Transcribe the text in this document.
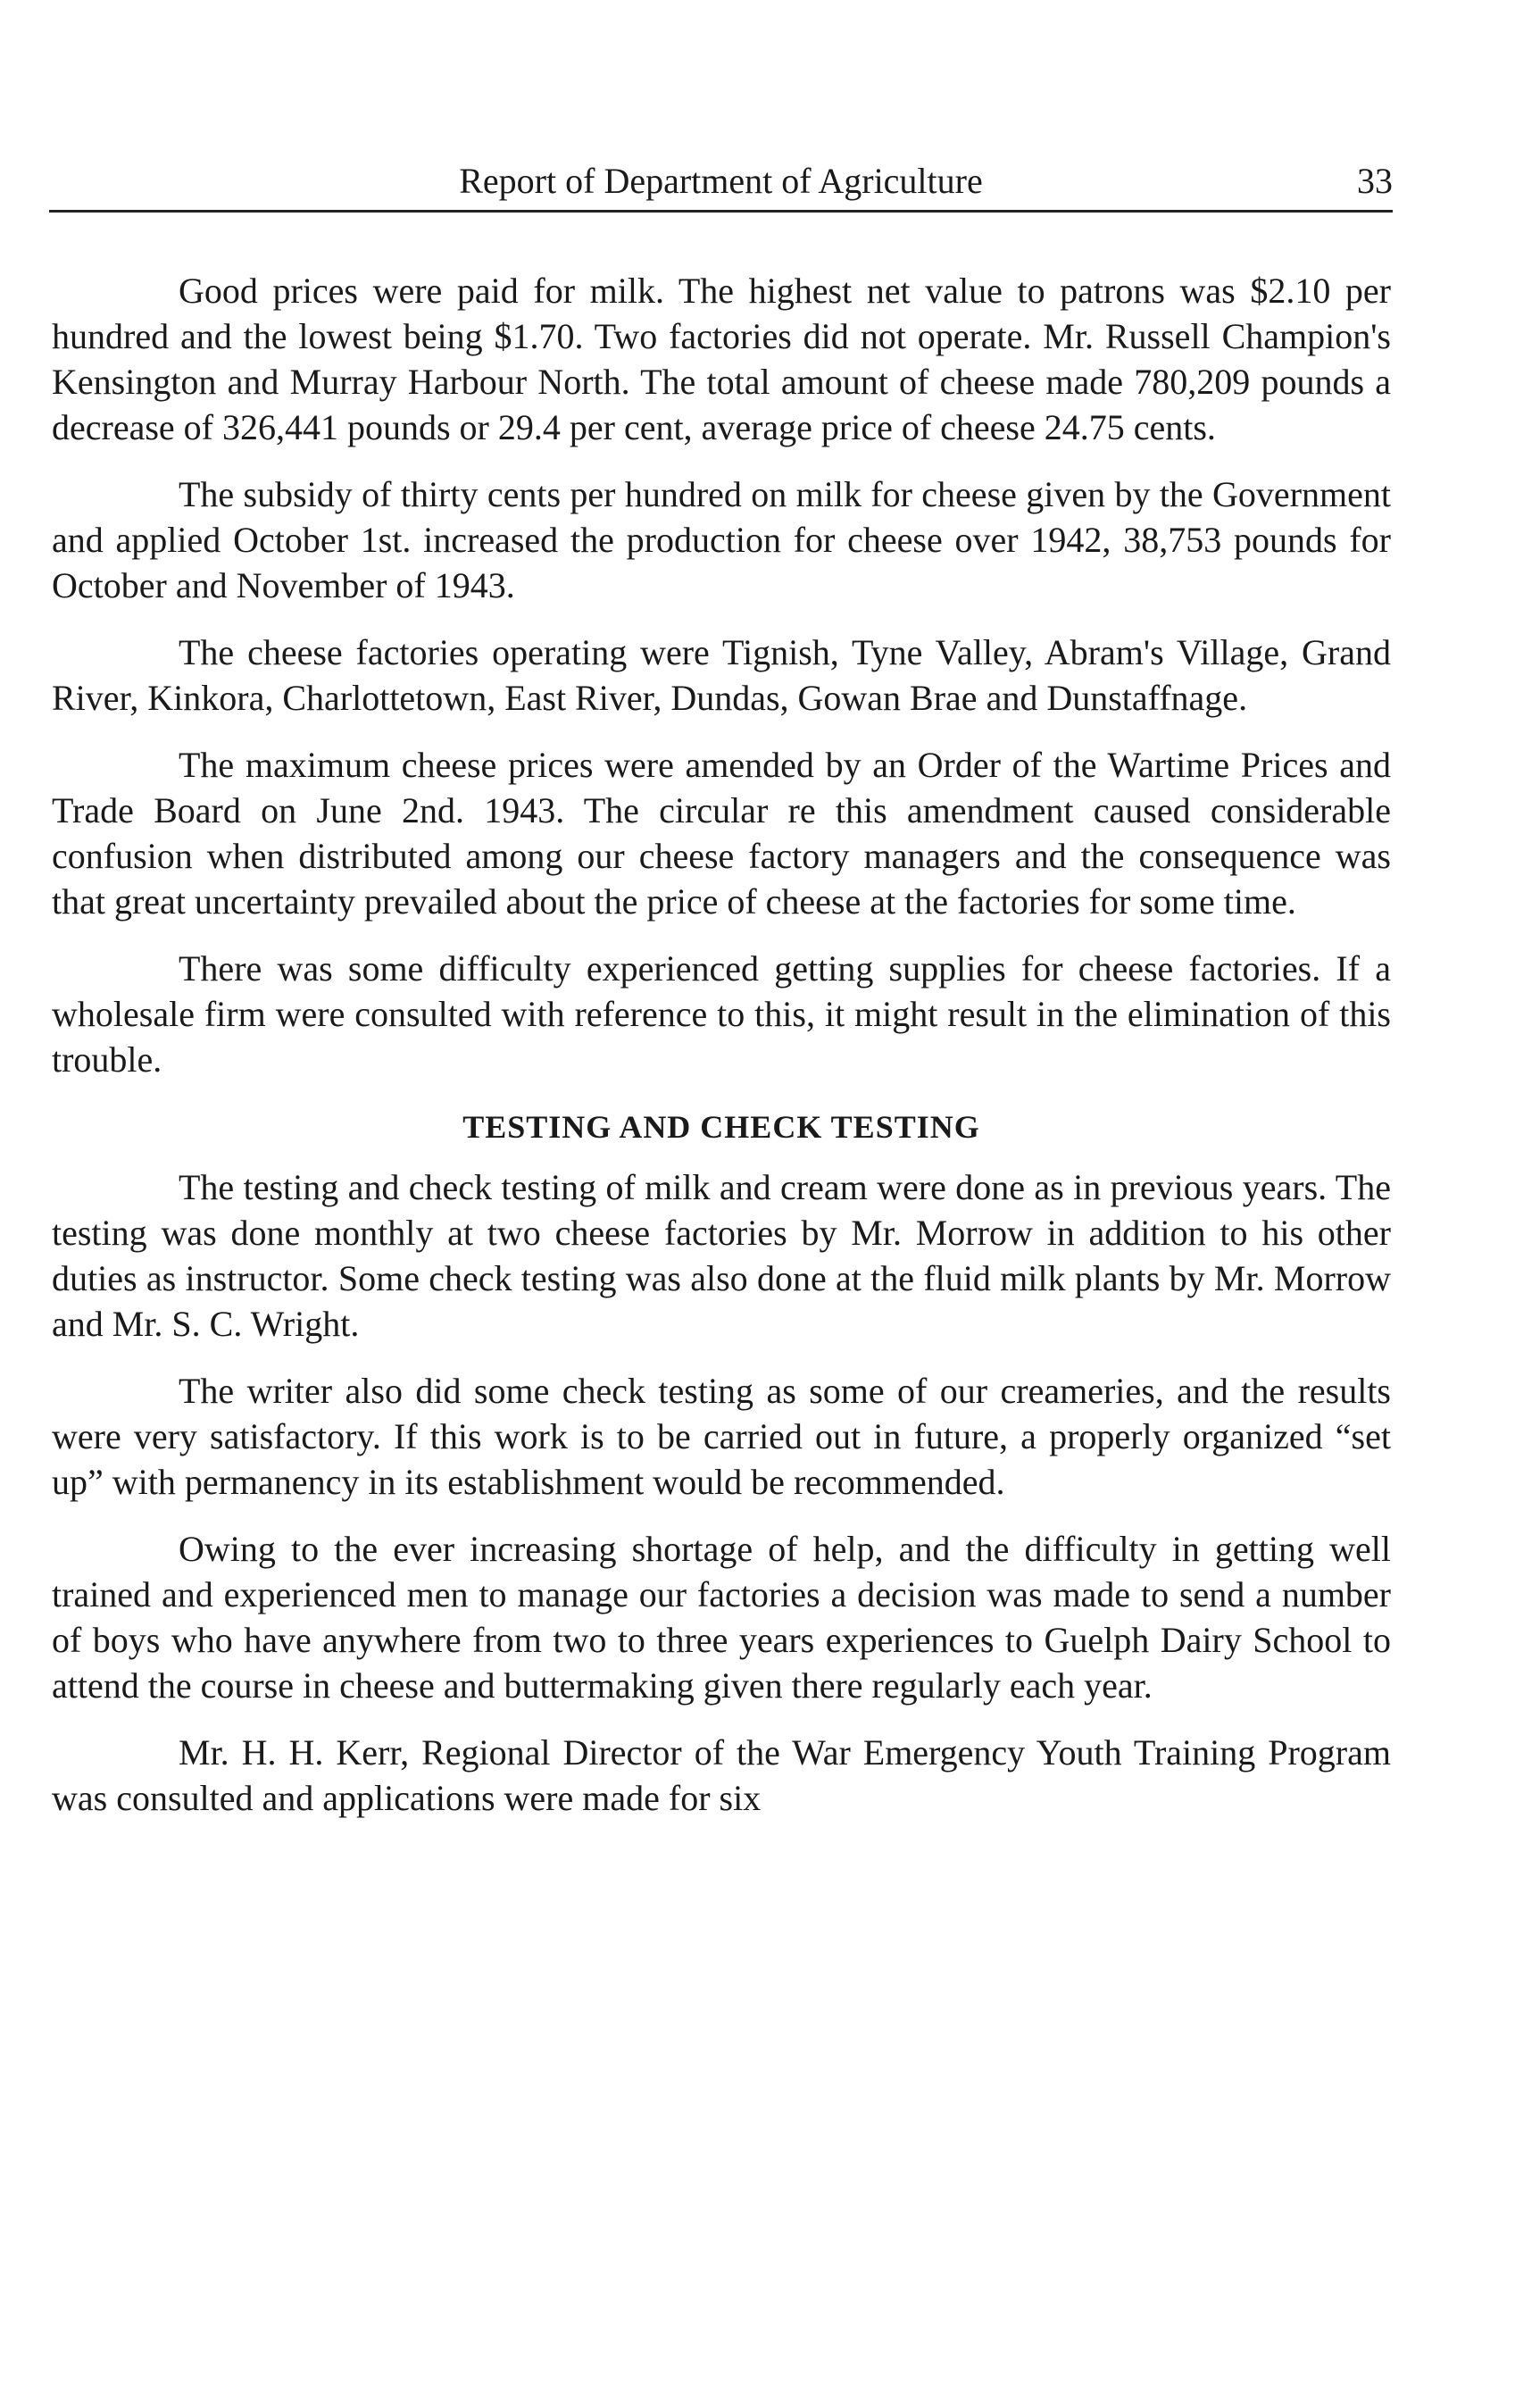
Report of Department of Agriculture	33

Good prices were paid for milk. The highest net value to patrons was $2.10 per hundred and the lowest being $1.70. Two factories did not operate. Mr. Russell Champion's Kensington and Murray Harbour North. The total amount of cheese made 780,209 pounds a decrease of 326,441 pounds or 29.4 per cent, average price of cheese 24.75 cents.

The subsidy of thirty cents per hundred on milk for cheese given by the Government and applied October 1st. increased the production for cheese over 1942, 38,753 pounds for October and November of 1943.

The cheese factories operating were Tignish, Tyne Valley, Abram's Village, Grand River, Kinkora, Charlottetown, East River, Dundas, Gowan Brae and Dunstaffnage.

The maximum cheese prices were amended by an Order of the Wartime Prices and Trade Board on June 2nd. 1943. The circular re this amendment caused considerable confusion when distributed among our cheese factory managers and the consequence was that great uncertainty prevailed about the price of cheese at the factories for some time.

There was some difficulty experienced getting supplies for cheese factories. If a wholesale firm were consulted with reference to this, it might result in the elimination of this trouble.

TESTING AND CHECK TESTING

The testing and check testing of milk and cream were done as in previous years. The testing was done monthly at two cheese factories by Mr. Morrow in addition to his other duties as instructor. Some check testing was also done at the fluid milk plants by Mr. Morrow and Mr. S. C. Wright.

The writer also did some check testing as some of our creameries, and the results were very satisfactory. If this work is to be carried out in future, a properly organized “set up” with permanency in its establishment would be recommended.

Owing to the ever increasing shortage of help, and the difficulty in getting well trained and experienced men to manage our factories a decision was made to send a number of boys who have anywhere from two to three years experiences to Guelph Dairy School to attend the course in cheese and buttermaking given there regularly each year.

Mr. H. H. Kerr, Regional Director of the War Emergency Youth Training Program was consulted and applications were made for six
